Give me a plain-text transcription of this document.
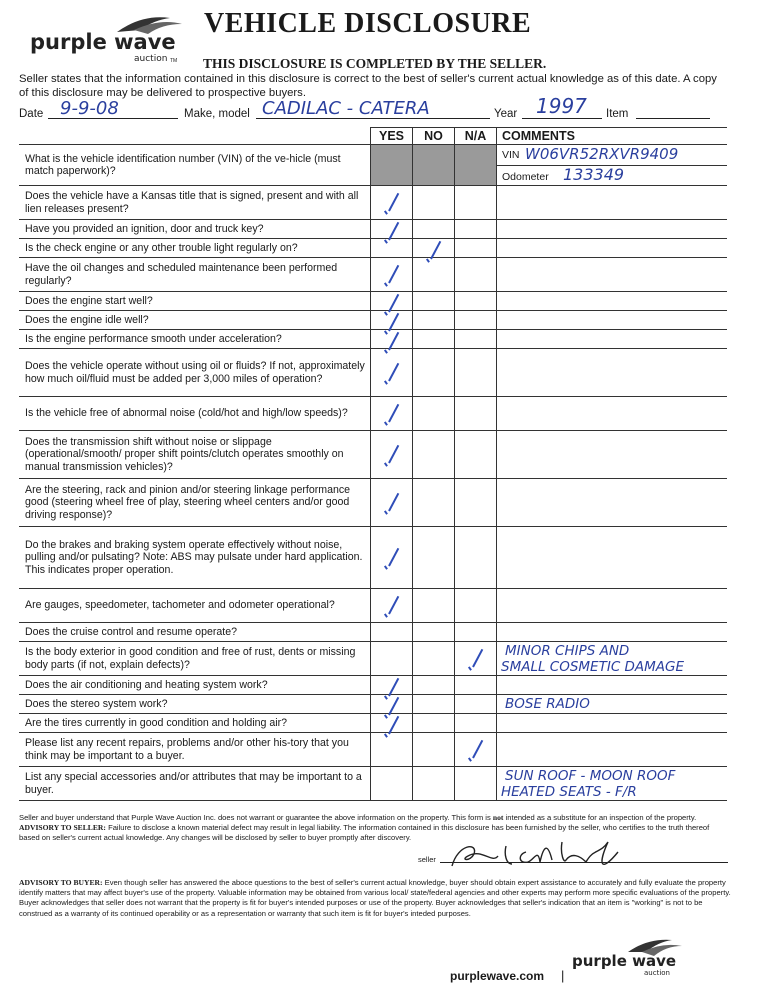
purple wave
auction TM
VEHICLE DISCLOSURE
THIS DISCLOSURE IS COMPLETED BY THE SELLER.
Seller states that the information contained in this disclosure is correct to the best of seller's current actual knowledge as of this date. A copy of this disclosure may be delivered to prospective buyers.
Date 9-9-08	Make, model CADILAC - CATERA	Year 1997 Item
	YES	NO	N/A	COMMENTS
What is the vehicle identification number (VIN) of the ve-hicle (must match paperwork)?				VIN W06VR52RXVR9409
Odometer 133349

Does the vehicle have a Kansas title that is signed, present and with all lien releases present?	

Have you provided an ignition, door and truck key?	

Is the check engine or any other trouble light regularly on?		

Have the oil changes and scheduled maintenance been performed regularly?	

Does the engine start well?	

Does the engine idle well?	

Is the engine performance smooth under acceleration?	

Does the vehicle operate without using oil or fluids? If not, approximately how much oil/fluid must be added per 3,000 miles of operation?	

Is the vehicle free of abnormal noise (cold/hot and high/low speeds)?	

Does the transmission shift without noise or slippage (operational/smooth/ proper shift points/clutch operates smoothly on manual transmission vehicles)?	

Are the steering, rack and pinion and/or steering linkage performance good (steering wheel free of play, steering wheel centers and/or good driving response)?	

Do the brakes and braking system operate effectively without noise, pulling and/or pulsating? Note: ABS may pulsate under hard application. This indicates proper operation.	

Are gauges, speedometer, tachometer and odometer operational?	

Does the cruise control and resume operate?				
Is the body exterior in good condition and free of rust, dents or missing body parts (if not, explain defects)?				MINOR CHIPS AND
SMALL COSMETIC DAMAGE

Does the air conditioning and heating system work?	

Does the stereo system work?				BOSE RADIO

Are the tires currently in good condition and holding air?	

Please list any recent repairs, problems and/or other his-tory that you think may be important to a buyer.			

List any special accessories and/or attributes that may be important to a buyer.				SUN ROOF - MOON ROOF
HEATED SEATS - F/R
Seller and buyer understand that Purple Wave Auction Inc. does not warrant or guarantee the above information on the property. This form is not intended as a substitute for an inspection of the property. ADVISORY TO SELLER: Failure to disclose a known material defect may result in legal liability. The information contained in this disclosure has been furnished by the seller, who certifies to the truth thereof based on seller's current actual knowledge. Any changes will be disclosed by seller to buyer promptly after discovery.
seller
ADVISORY TO BUYER: Even though seller has answered the aboce questions to the best of seller's current actual knowledge, buyer should obtain expert assistance to accurately and fully evaluate the property identify matters that may affect buyer's use of the property. Valuable information may be obtained from various local/ state/federal agencies and other experts may perform more specific evaluations of the property. Buyer acknowledges that seller does not warrant that the property is fit for buyer's intended purposes or use of the property. Buyer acknowledges that seller's indication that an item is "working" is not to be construed as a warranty of its continued operability or as a representation or warranty that such item is fit for buyer's inteded purposes.
purplewave.com |
purple wave
auction
